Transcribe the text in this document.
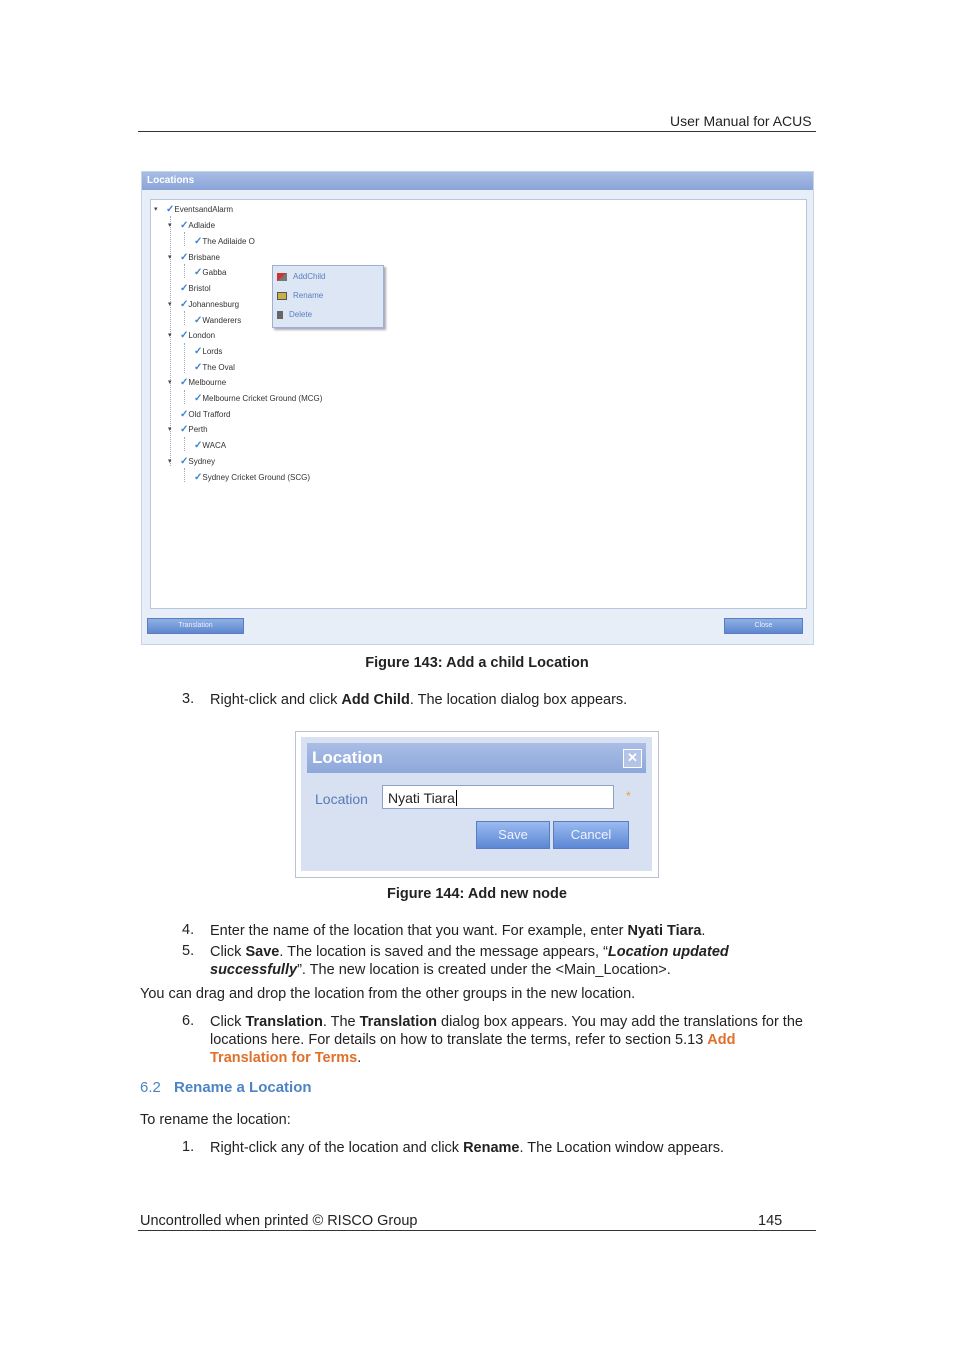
User Manual for ACUS
Locations
▾ ✓EventsandAlarm
▾ ✓Adlaide
✓The Adilaide O
▾ ✓Brisbane
✓Gabba
✓Bristol
▾ ✓Johannesburg
✓Wanderers
▾ ✓London
✓Lords
✓The Oval
▾ ✓Melbourne
✓Melbourne Cricket Ground (MCG)
✓Old Trafford
▾ ✓Perth
✓WACA
▾ ✓Sydney
✓Sydney Cricket Ground (SCG)
AddChild
Rename
Delete
Translation	Close
Figure 143: Add a child Location
3. Right-click and click Add Child. The location dialog box appears.
Location	✕
Location	Nyati Tiara	*
Save	Cancel
Figure 144: Add new node
4. Enter the name of the location that you want. For example, enter Nyati Tiara.
5. Click Save. The location is saved and the message appears, “Location updated successfully”. The new location is created under the <Main_Location>.
You can drag and drop the location from the other groups in the new location.
6. Click Translation. The Translation dialog box appears. You may add the translations for the locations here. For details on how to translate the terms, refer to section 5.13 Add Translation for Terms.
6.2 Rename a Location
To rename the location:
1. Right-click any of the location and click Rename. The Location window appears.
Uncontrolled when printed © RISCO Group	145
